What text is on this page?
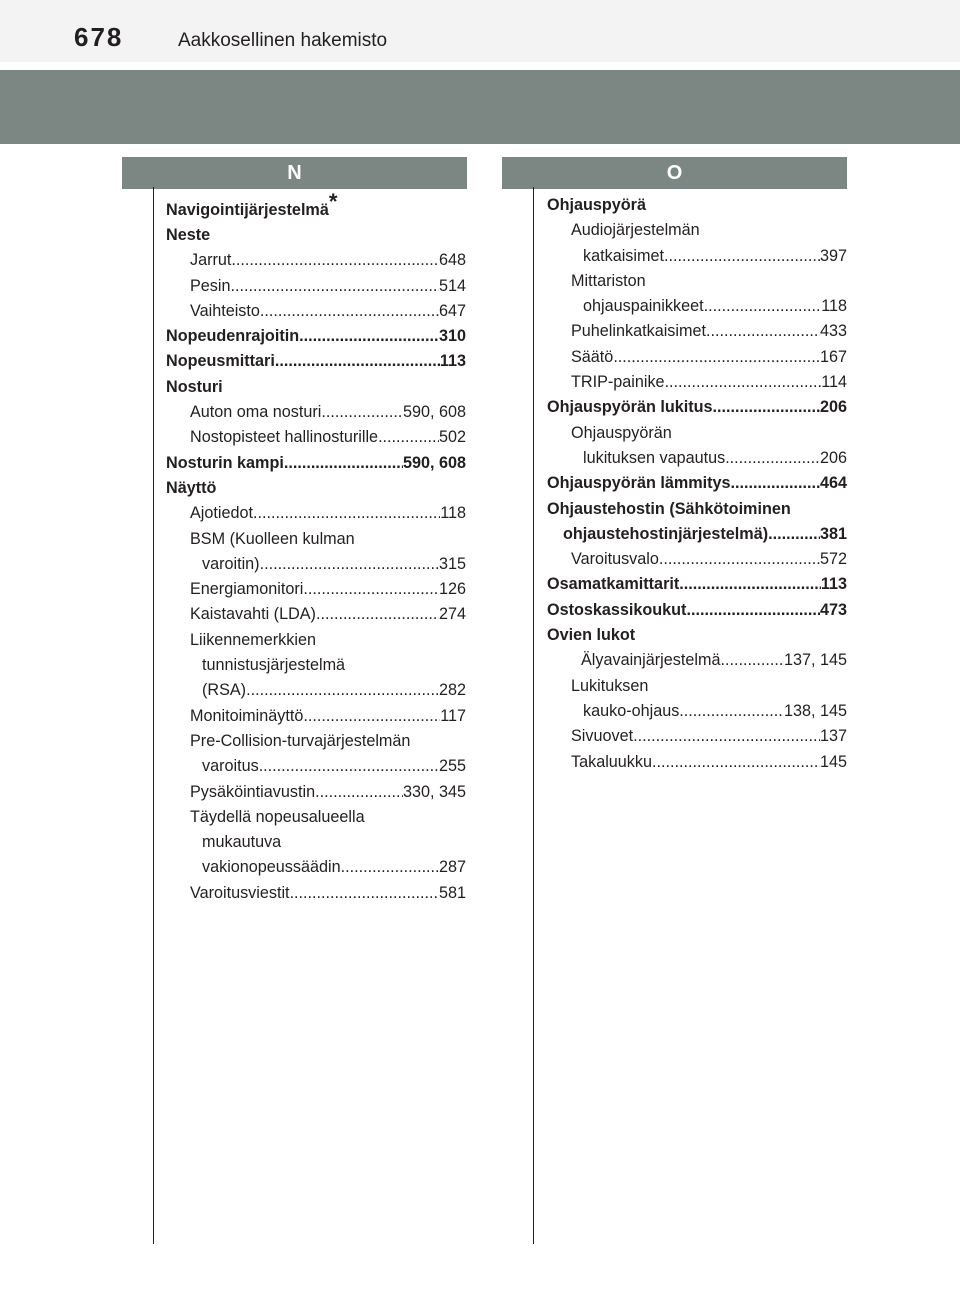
678	Aakkosellinen hakemisto
N	O
Navigointijärjestelmä*
Neste
Jarrut .....	648
Pesin .....	514
Vaihteisto .....	647
Nopeudenrajoitin .....	310
Nopeusmittari .....	113
Nosturi
Auton oma nosturi .....	590, 608
Nostopisteet hallinosturille .....	502
Nosturin kampi .....	590, 608
Näyttö
Ajotiedot .....	118
BSM (Kuolleen kulman
varoitin) .....	315
Energiamonitori .....	126
Kaistavahti (LDA) .....	274
Liikennemerkkien
tunnistusjärjestelmä
(RSA) .....	282
Monitoiminäyttö .....	117
Pre-Collision-turvajärjestelmän
varoitus .....	255
Pysäköintiavustin .....	330, 345
Täydellä nopeusalueella
mukautuva
vakionopeussäädin .....	287
Varoitusviestit .....	581
Ohjauspyörä
Audiojärjestelmän
katkaisimet .....	397
Mittariston
ohjauspainikkeet .....	118
Puhelinkatkaisimet .....	433
Säätö .....	167
TRIP-painike .....	114
Ohjauspyörän lukitus .....	206
Ohjauspyörän
lukituksen vapautus .....	206
Ohjauspyörän lämmitys .....	464
Ohjaustehostin (Sähkötoiminen
ohjaustehostinjärjestelmä) .....	381
Varoitusvalo .....	572
Osamatkamittarit .....	113
Ostoskassikoukut .....	473
Ovien lukot
Älyavainjärjestelmä .....	137, 145
Lukituksen
kauko-ohjaus .....	138, 145
Sivuovet .....	137
Takaluukku .....	145
